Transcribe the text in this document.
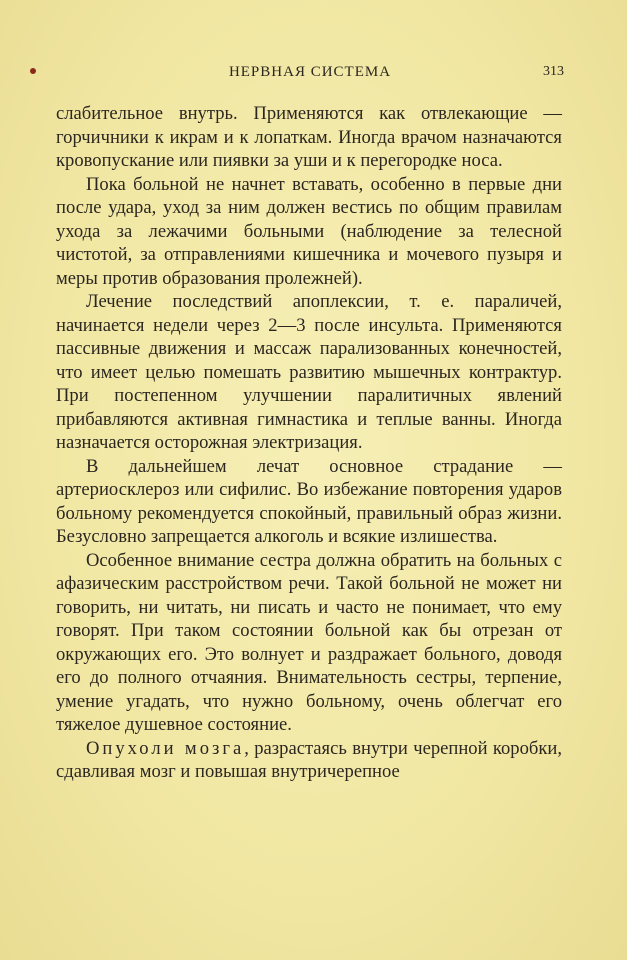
НЕРВНАЯ СИСТЕМА	313

слабительное внутрь. Применяются как отвлекающие — горчичники к икрам и к лопаткам. Иногда врачом назначаются кровопускание или пиявки за уши и к перегородке носа.

Пока больной не начнет вставать, особенно в первые дни после удара, уход за ним должен вестись по общим правилам ухода за лежачими больными (наблюдение за телесной чистотой, за отправлениями кишечника и мочевого пузыря и меры против образования пролежней).

Лечение последствий апоплексии, т. е. параличей, начинается недели через 2—3 после инсульта. Применяются пассивные движения и массаж парализованных конечностей, что имеет целью помешать развитию мышечных контрактур. При постепенном улучшении паралитичных явлений прибавляются активная гимнастика и теплые ванны. Иногда назначается осторожная электризация.

В дальнейшем лечат основное страдание — артериосклероз или сифилис. Во избежание повторения ударов больному рекомендуется спокойный, правильный образ жизни. Безусловно запрещается алкоголь и всякие излишества.

Особенное внимание сестра должна обратить на больных с афазическим расстройством речи. Такой больной не может ни говорить, ни читать, ни писать и часто не понимает, что ему говорят. При таком состоянии больной как бы отрезан от окружающих его. Это волнует и раздражает больного, доводя его до полного отчаяния. Внимательность сестры, терпение, умение угадать, что нужно больному, очень облегчат его тяжелое душевное состояние.

Опухоли мозга, разрастаясь внутри черепной коробки, сдавливая мозг и повышая внутричерепное
